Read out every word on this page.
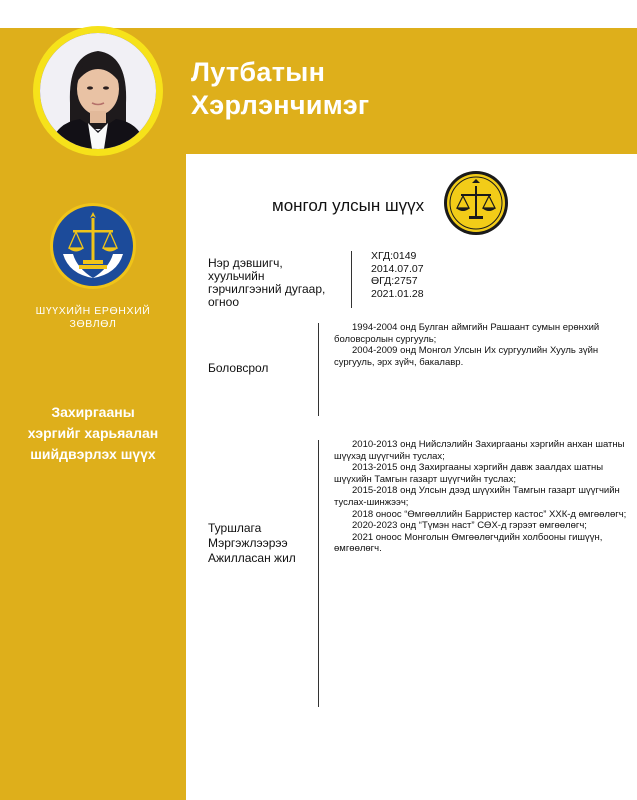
Лутбатын
Хэрлэнчимэг
монгол улсын шүүх
ШҮҮХИЙН ЕРӨНХИЙ
ЗӨВЛӨЛ
Захиргааны
хэргийг харьяалан
шийдвэрлэх шүүх
Нэр дэвшигч,
хуульчийн
гэрчилгээний дугаар,
огноо
ХГД:0149
2014.07.07
ӨГД:2757
2021.01.28
Боловсрол

1994-2004 онд Булган аймгийн Рашаант сумын ерөнхий боловсролын сургууль;

2004-2009 онд Монгол Улсын Их сургуулийн Хууль зүйн сургууль, эрх зүйч, бакалавр.

Туршлага
Мэргэжлээрээ
Ажилласан жил

2010-2013 онд Нийслэлийн Захиргааны хэргийн анхан шатны шүүхэд шүүгчийн туслах;

2013-2015 онд Захиргааны хэргийн давж заалдах шатны шүүхийн Тамгын газарт шүүгчийн туслах;

2015-2018 онд Улсын дээд шүүхийн Тамгын газарт шүүгчийн туслах-шинжээч;

2018 оноос “Өмгөөллийн Барристер кастос” ХХК-д өмгөөлөгч;

2020-2023 онд “Түмэн наст” СӨХ-д гэрээт өмгөөлөгч;

2021 оноос Монголын Өмгөөлөгчдийн холбооны гишүүн, өмгөөлөгч.
